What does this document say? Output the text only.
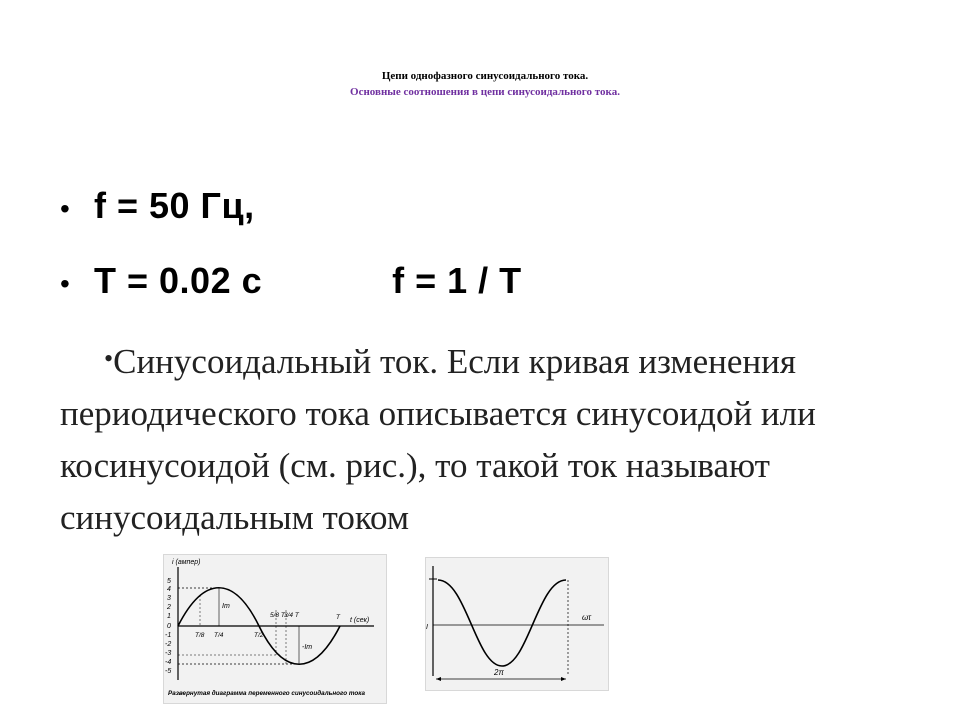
Цепи однофазного синусоидального тока.
Основные соотношения в цепи синусоидального тока.
• f = 50 Гц,
• T = 0.02 с	f = 1 / T
•Синусоидальный ток. Если кривая изменения периодического тока описывается синусоидой или косинусоидой (см. рис.), то такой ток называют синусоидальным током
i (ампер)
t (сек)
5
4
3
2
1
0
-1
-2
-3
-4
-5
Im
-Im
T/8 T/4	T/2
5/8 T 3/4 T	T
Развернутая диаграмма переменного синусоидального тока
I
ωτ
2π
